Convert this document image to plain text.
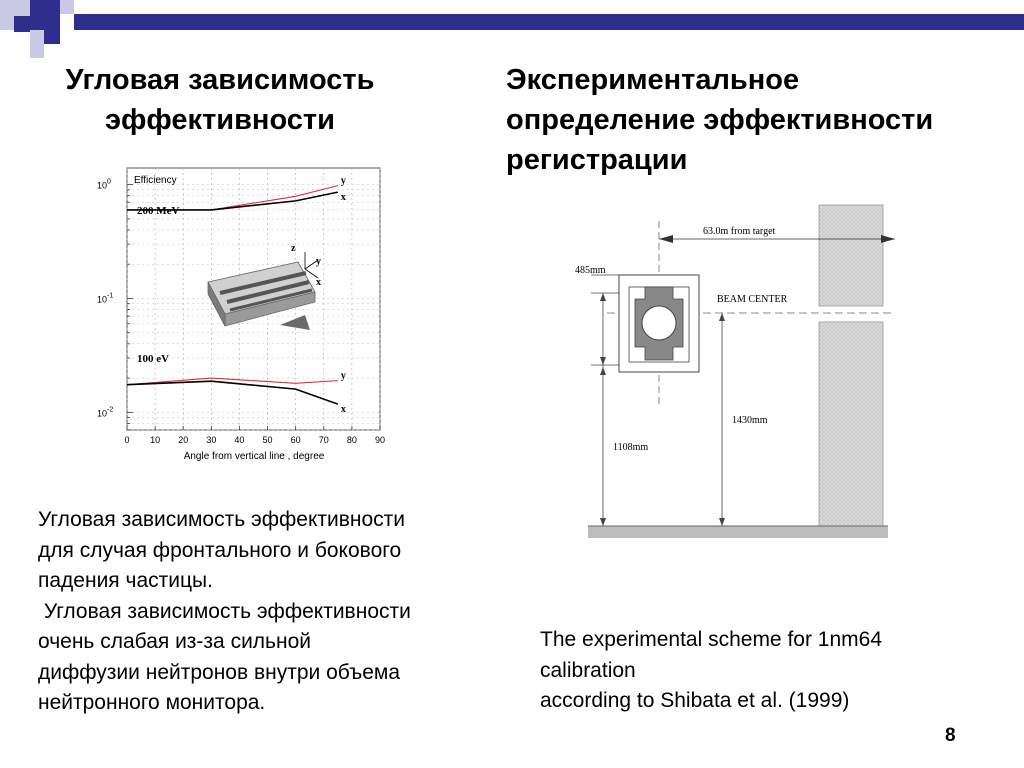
Угловая зависимость
эффективности
Экспериментальное
определение эффективности
регистрации
0 10 20 30 40 50 60 70 80 90
$10^0$
$10^{-1}$
$10^{-2}$
Efficiency
z
y
x
y
x
y
x
200 MeV
100 eV
Angle from vertical line , degree
63.0m from target
BEAM CENTER
485mm
1108mm
1430mm
Угловая зависимость эффективности
для случая фронтального и бокового
падения частицы.
Угловая зависимость эффективности
очень слабая из-за сильной
диффузии нейтронов внутри объема
нейтронного монитора.
The experimental scheme for 1nm64
calibration
according to Shibata et al. (1999)
8
